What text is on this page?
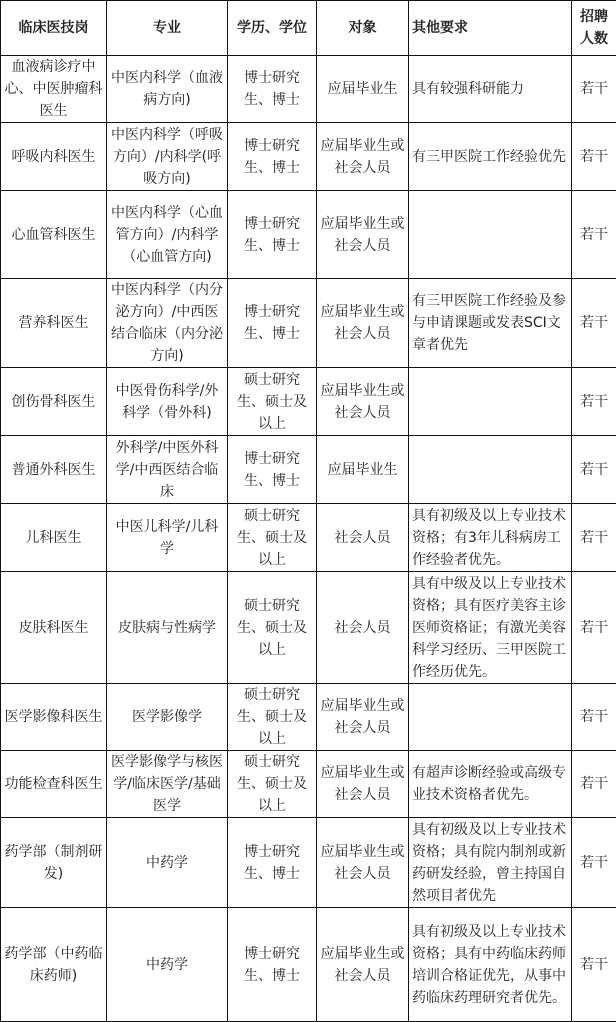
临床医技岗	专业	学历、学位	对象	其他要求	招聘人数
血液病诊疗中心、中医肿瘤科医生	中医内科学（血液病方向)	博士研究生、博士	应届毕业生	具有较强科研能力	若干
呼吸内科医生	中医内科学（呼吸方向）/内科学(呼吸方向)	博士研究生、博士	应届毕业生或社会人员	有三甲医院工作经验优先	若干
心血管科医生	中医内科学（心血管方向）/内科学（心血管方向)	博士研究生、博士	应届毕业生或社会人员		若干
营养科医生	中医内科学（内分泌方向）/中西医结合临床（内分泌方向)	博士研究生、博士	应届毕业生或社会人员	有三甲医院工作经验及参与申请课题或发表SCI文章者优先	若干
创伤骨科医生	中医骨伤科学/外科学（骨外科)	硕士研究生、硕士及以上	应届毕业生或社会人员		若干
普通外科医生	外科学/中医外科学/中西医结合临床	博士研究生、博士	应届毕业生		若干
儿科医生	中医儿科学/儿科学	硕士研究生、硕士及以上	社会人员	具有初级及以上专业技术资格；有3年儿科病房工作经验者优先。	若干
皮肤科医生	皮肤病与性病学	硕士研究生、硕士及以上	社会人员	具有中级及以上专业技术资格；具有医疗美容主诊医师资格证；有激光美容科学习经历、三甲医院工作经历优先。	若干
医学影像科医生	医学影像学	硕士研究生、硕士及以上	应届毕业生或社会人员		若干
功能检查科医生	医学影像学与核医学/临床医学/基础医学	硕士研究生、硕士及以上	应届毕业生或社会人员	有超声诊断经验或高级专业技术资格者优先。	若干
药学部（制剂研发)	中药学	博士研究生、博士	应届毕业生或社会人员	具有初级及以上专业技术资格；具有院内制剂或新药研发经验，曾主持国自然项目者优先	若干
药学部（中药临床药师)	中药学	博士研究生、博士	应届毕业生或社会人员	具有初级及以上专业技术资格；具有中药临床药师培训合格证优先，从事中药临床药理研究者优先。	若干
